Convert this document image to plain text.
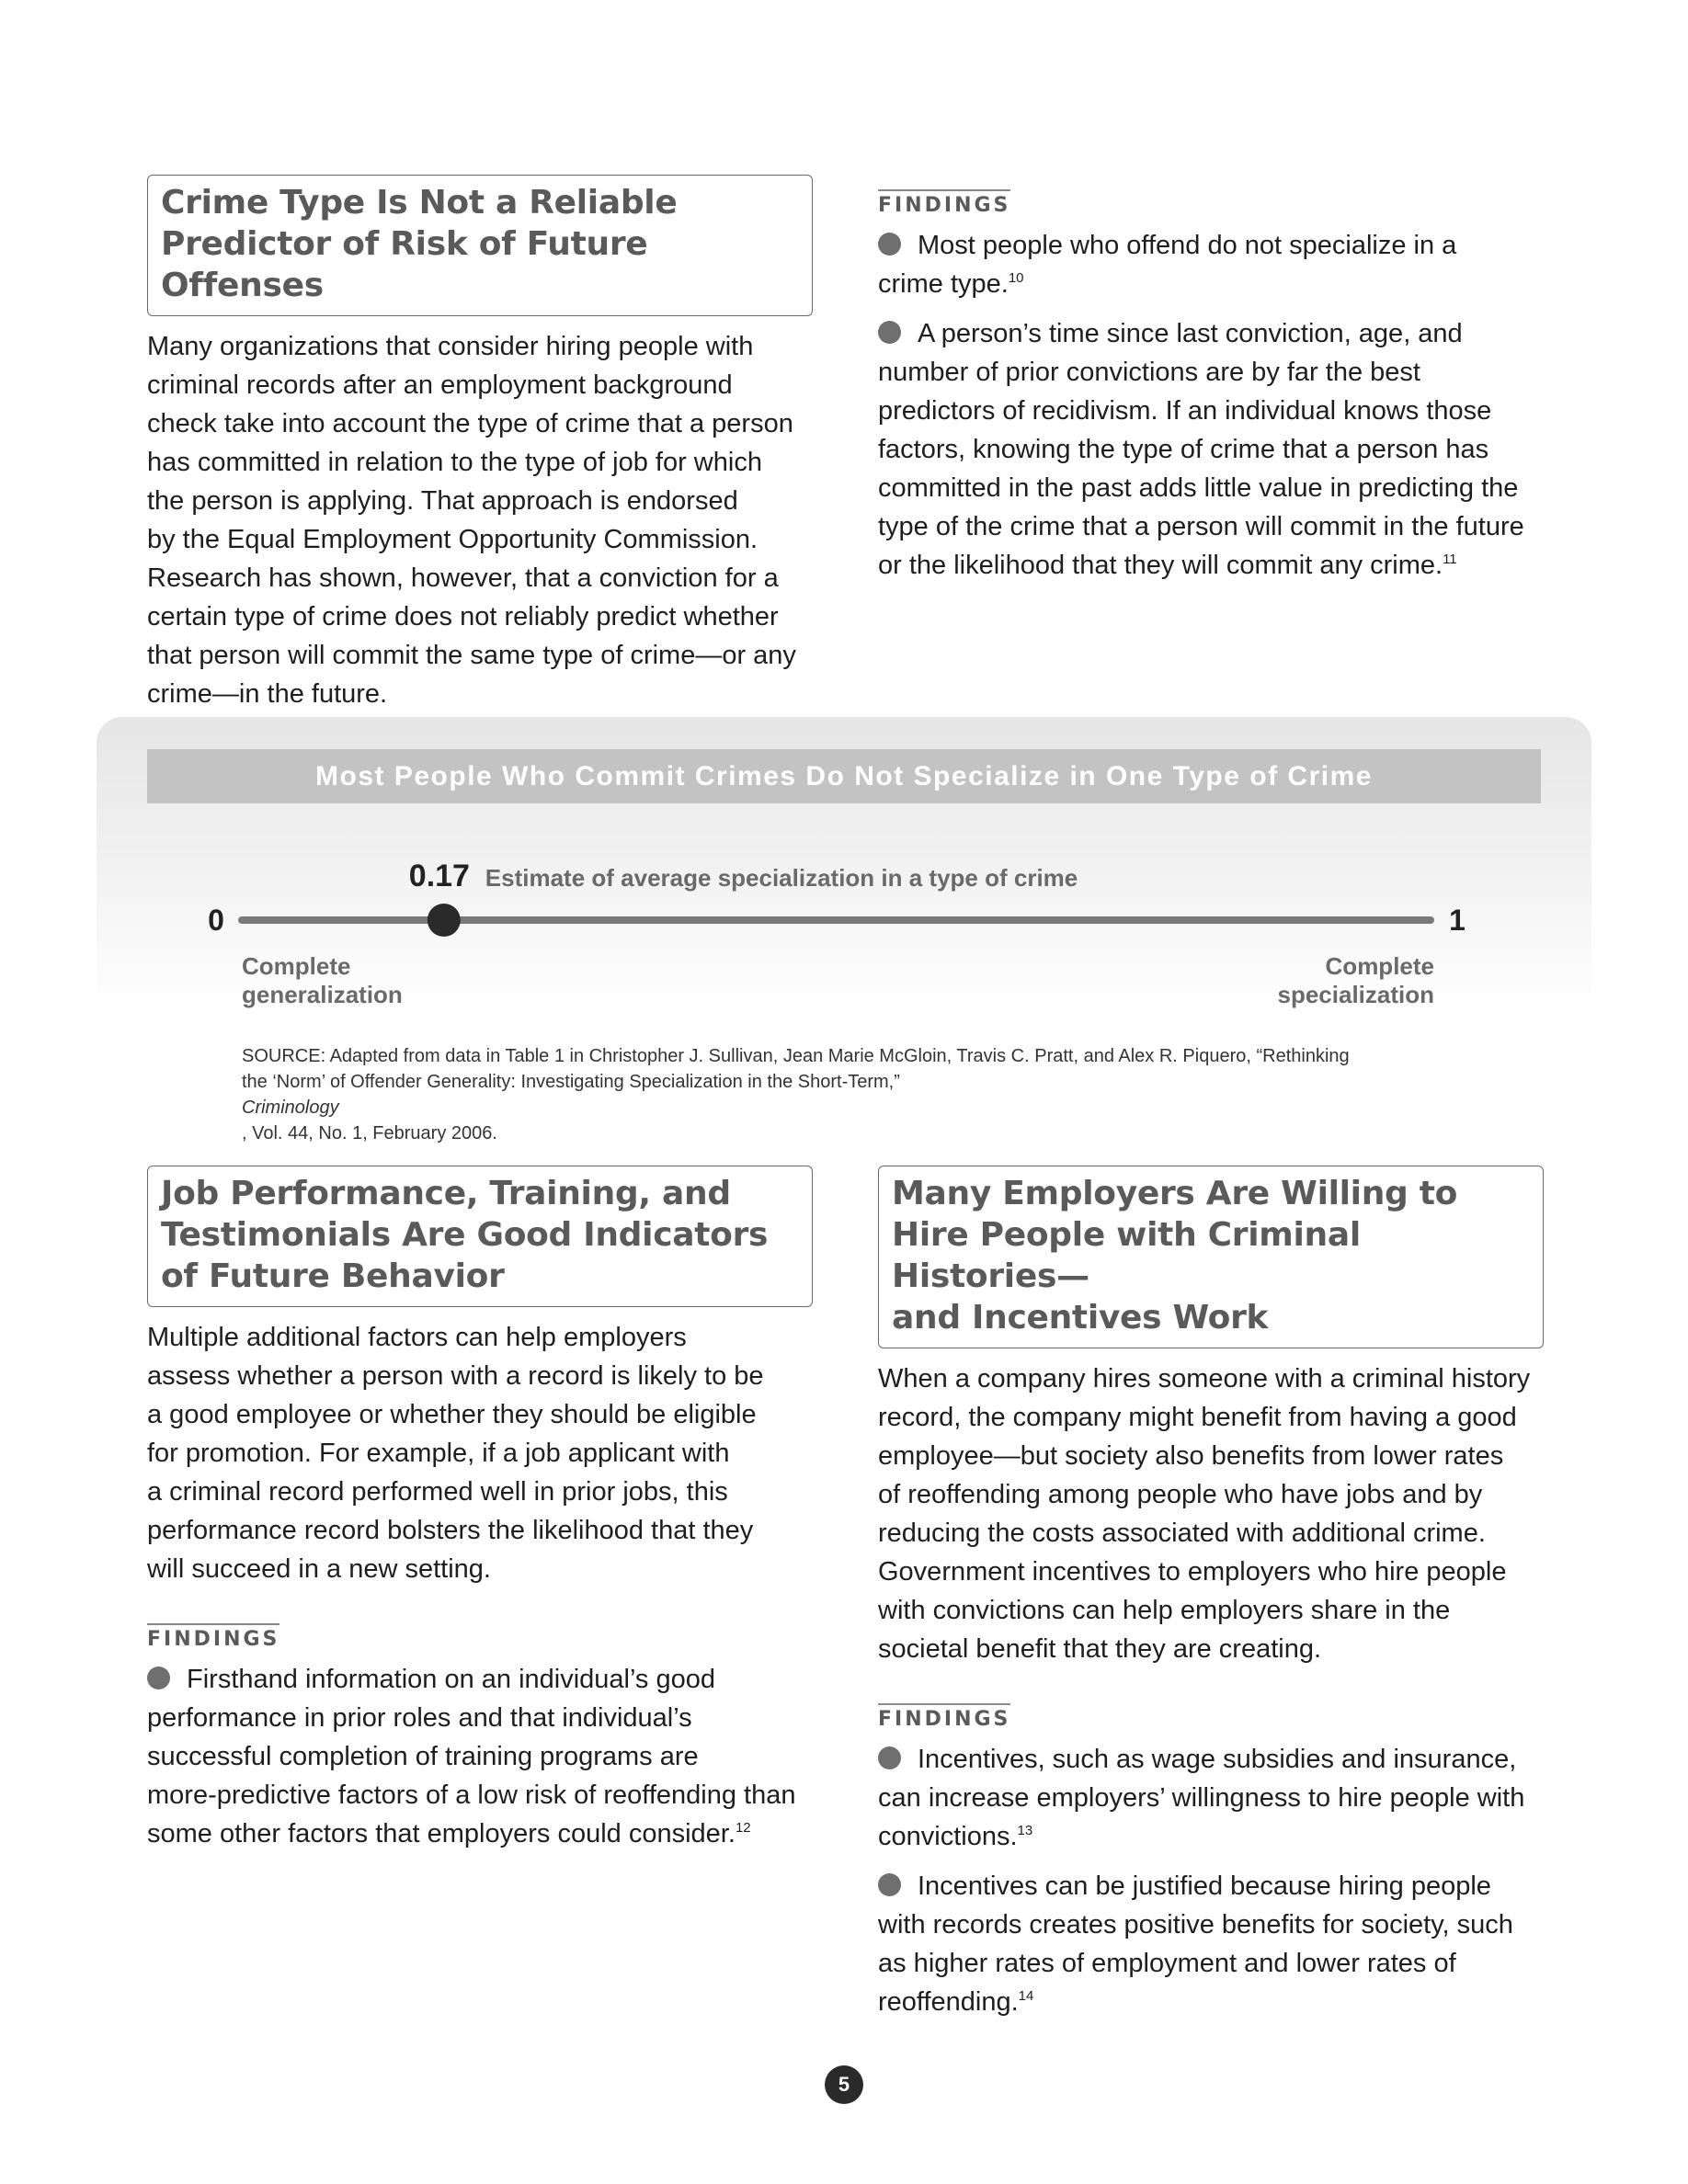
Crime Type Is Not a Reliable
Predictor of Risk of Future Offenses
Many organizations that consider hiring people with
criminal records after an employment background
check take into account the type of crime that a person
has committed in relation to the type of job for which
the person is applying. That approach is endorsed
by the Equal Employment Opportunity Commission.
Research has shown, however, that a conviction for a
certain type of crime does not reliably predict whether
that person will commit the same type of crime—or any
crime—in the future.
FINDINGS
Most people who offend do not specialize in a
crime type.$^{10}$
A person’s time since last conviction, age, and
number of prior convictions are by far the best
predictors of recidivism. If an individual knows those
factors, knowing the type of crime that a person has
committed in the past adds little value in predicting the
type of the crime that a person will commit in the future
or the likelihood that they will commit any crime.$^{11}$
Most People Who Commit Crimes Do Not Specialize in One Type of Crime
0	1
0.17 Estimate of average specialization in a type of crime
Complete
generalization
Complete
specialization
SOURCE: Adapted from data in Table 1 in Christopher J. Sullivan, Jean Marie McGloin, Travis C. Pratt, and Alex R. Piquero, “Rethinking
the ‘Norm’ of Offender Generality: Investigating Specialization in the Short-Term,”
Criminology
, Vol. 44, No. 1, February 2006.
Job Performance, Training, and
Testimonials Are Good Indicators
of Future Behavior
Multiple additional factors can help employers
assess whether a person with a record is likely to be
a good employee or whether they should be eligible
for promotion. For example, if a job applicant with
a criminal record performed well in prior jobs, this
performance record bolsters the likelihood that they
will succeed in a new setting.
FINDINGS
Firsthand information on an individual’s good
performance in prior roles and that individual’s
successful completion of training programs are
more-predictive factors of a low risk of reoffending than
some other factors that employers could consider.$^{12}$
Many Employers Are Willing to
Hire People with Criminal Histories—
and Incentives Work
When a company hires someone with a criminal history
record, the company might benefit from having a good
employee—but society also benefits from lower rates
of reoffending among people who have jobs and by
reducing the costs associated with additional crime.
Government incentives to employers who hire people
with convictions can help employers share in the
societal benefit that they are creating.
FINDINGS
Incentives, such as wage subsidies and insurance,
can increase employers’ willingness to hire people with
convictions.$^{13}$
Incentives can be justified because hiring people
with records creates positive benefits for society, such
as higher rates of employment and lower rates of
reoffending.$^{14}$
5
